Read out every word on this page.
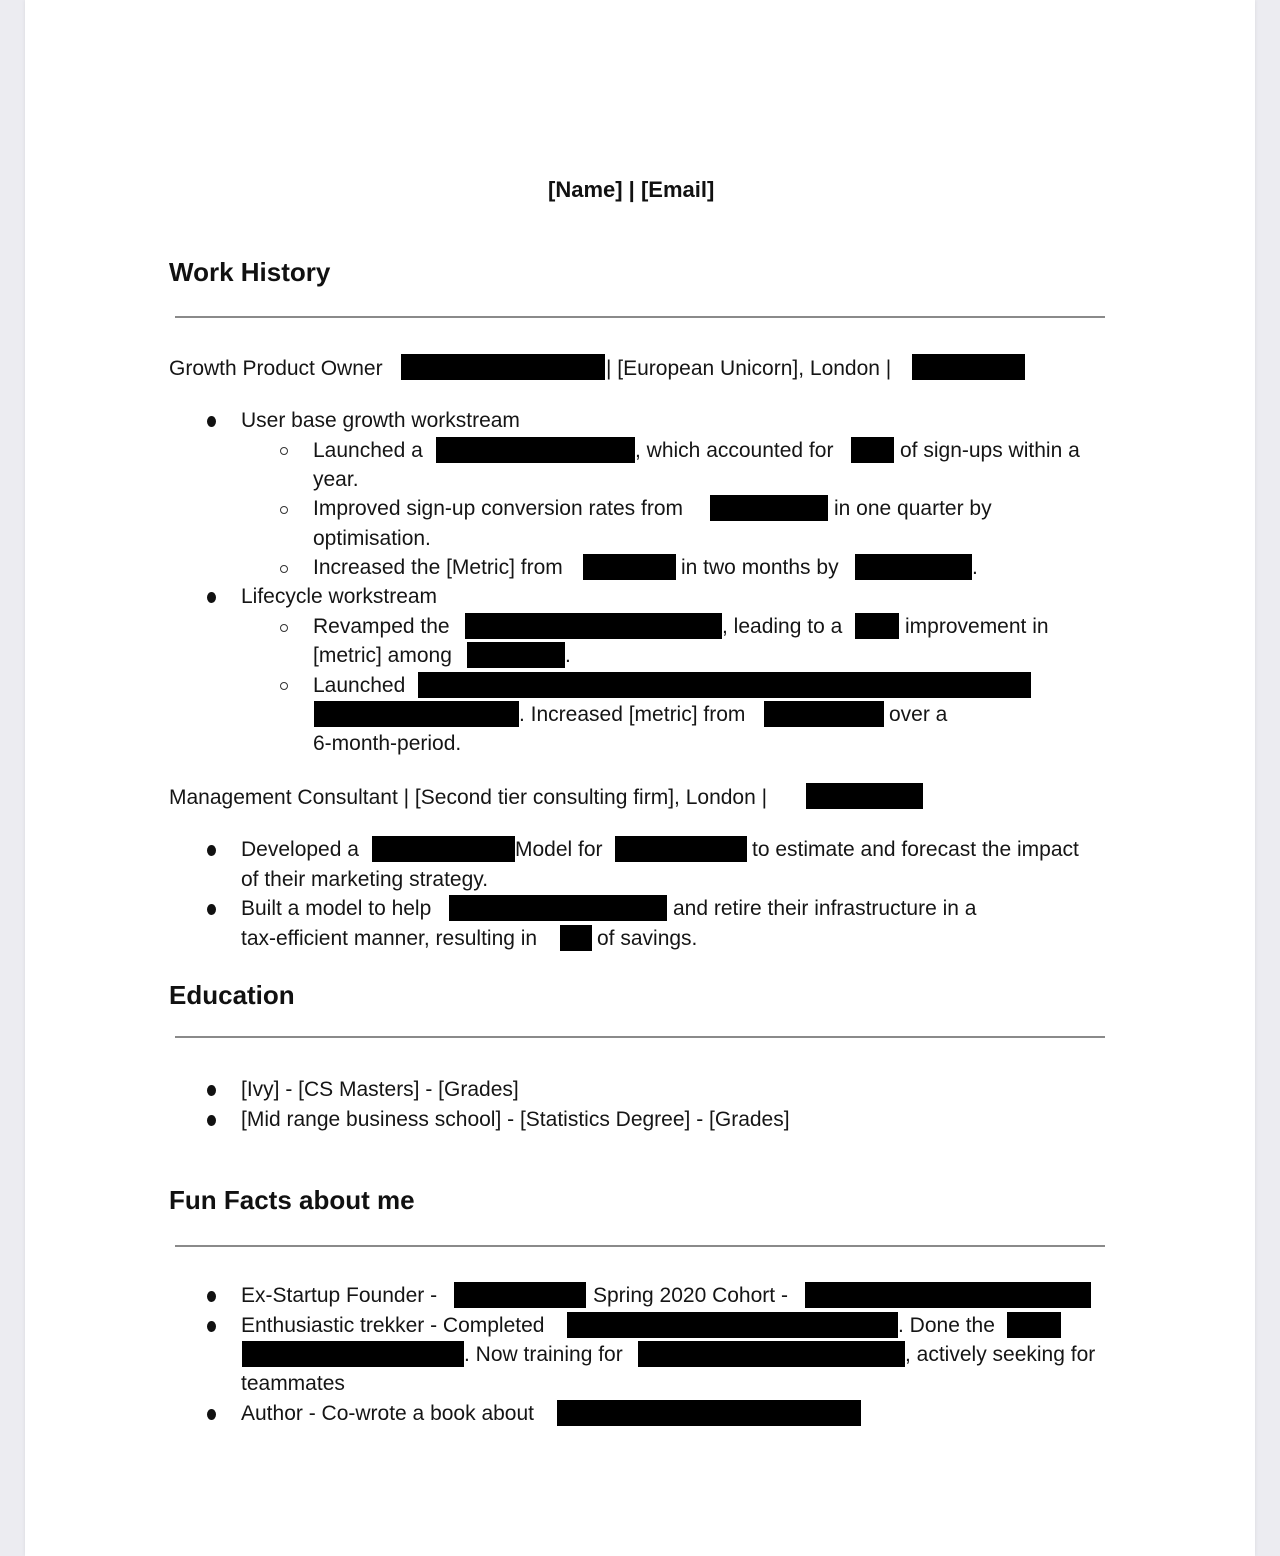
[Name] | [Email]
Work History
Growth Product Owner	| [European Unicorn], London |
User base growth workstream
Launched a	, which accounted for	of sign-ups within a
year.
Improved sign-up conversion rates from	in one quarter by
optimisation.
Increased the [Metric] from	in two months by	.
Lifecycle workstream
Revamped the	, leading to a	improvement in
[metric] among	.
Launched
. Increased [metric] from	over a
6-month-period.
Management Consultant | [Second tier consulting firm], London |
Developed a	Model for	to estimate and forecast the impact
of their marketing strategy.
Built a model to help	and retire their infrastructure in a
tax-efficient manner, resulting in	of savings.
Education
[Ivy] - [CS Masters] - [Grades]
[Mid range business school] - [Statistics Degree] - [Grades]
Fun Facts about me
Ex-Startup Founder -	Spring 2020 Cohort -
Enthusiastic trekker - Completed	. Done the
. Now training for	, actively seeking for
teammates
Author - Co-wrote a book about
